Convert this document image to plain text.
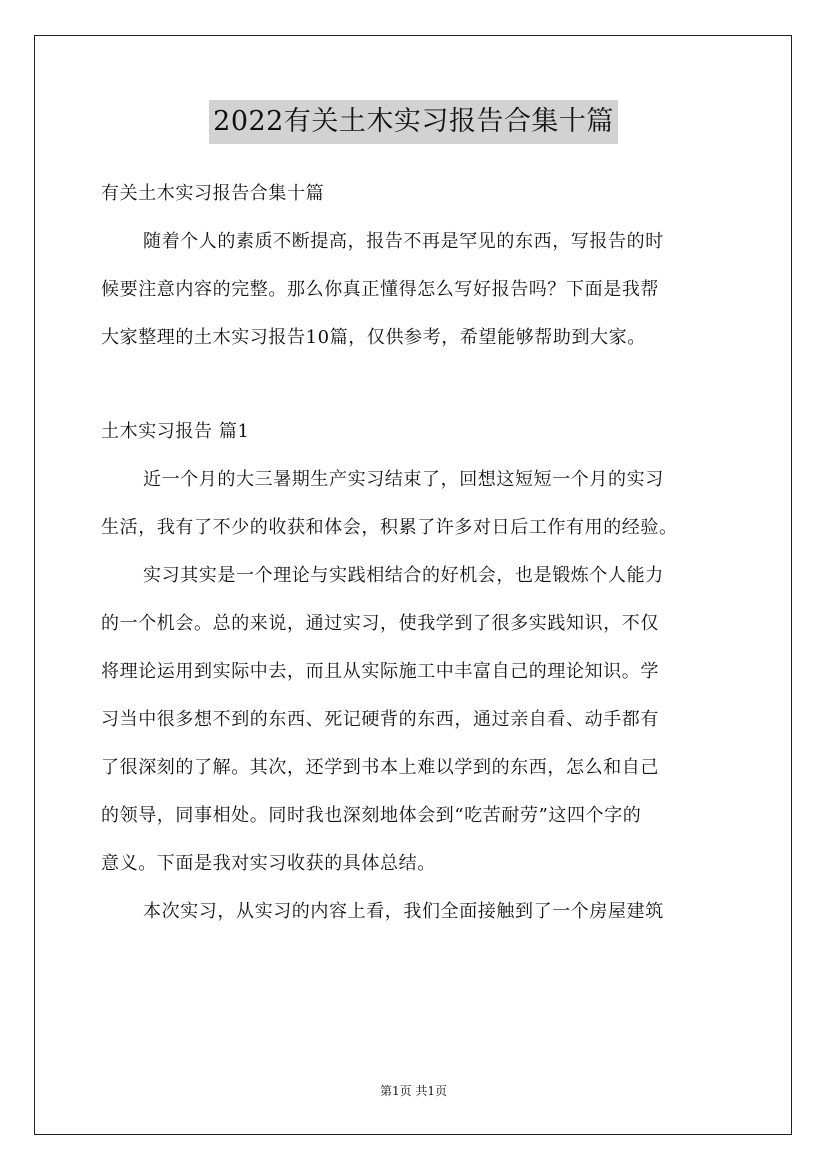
2022有关土木实习报告合集十篇
有关土木实习报告合集十篇
随着个人的素质不断提高，报告不再是罕见的东西，写报告的时
候要注意内容的完整。那么你真正懂得怎么写好报告吗？下面是我帮
大家整理的土木实习报告10篇，仅供参考，希望能够帮助到大家。
土木实习报告 篇1
近一个月的大三暑期生产实习结束了，回想这短短一个月的实习
生活，我有了不少的收获和体会，积累了许多对日后工作有用的经验。
实习其实是一个理论与实践相结合的好机会，也是锻炼个人能力
的一个机会。总的来说，通过实习，使我学到了很多实践知识，不仅
将理论运用到实际中去，而且从实际施工中丰富自己的理论知识。学
习当中很多想不到的东西、死记硬背的东西，通过亲自看、动手都有
了很深刻的了解。其次，还学到书本上难以学到的东西，怎么和自己
的领导，同事相处。同时我也深刻地体会到“吃苦耐劳”这四个字的
意义。下面是我对实习收获的具体总结。
本次实习，从实习的内容上看，我们全面接触到了一个房屋建筑
第1页 共1页
